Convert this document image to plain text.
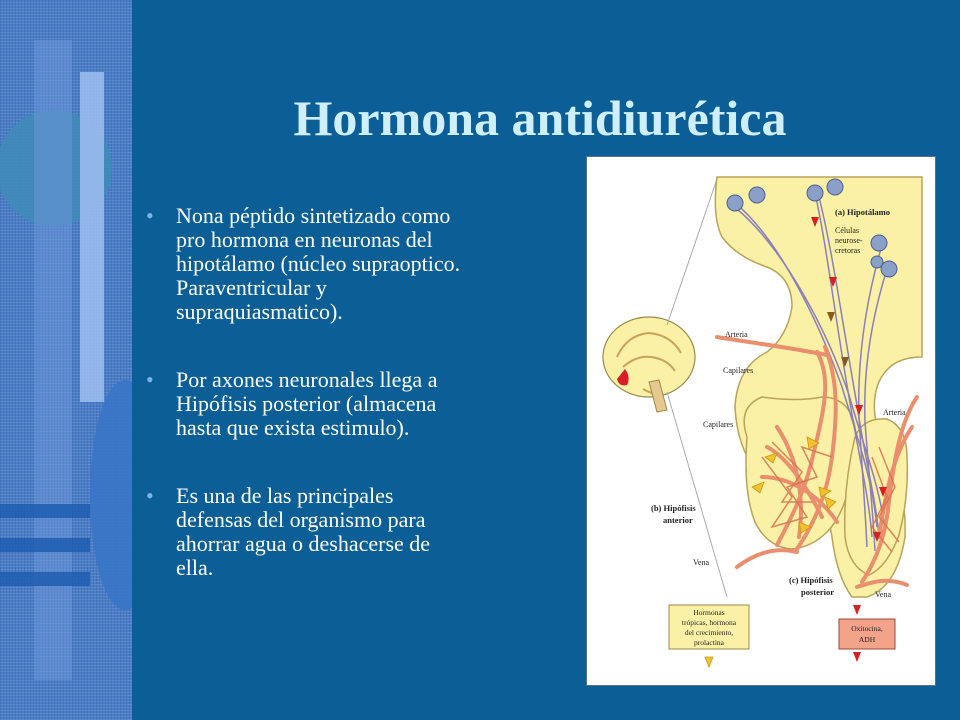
Hormona antidiurética
• Nona péptido sintetizado como
pro hormona en neuronas del
hipotálamo (núcleo supraoptico.
Paraventricular y
supraquiasmatico).
• Por axones neuronales llega a
Hipófisis posterior (almacena
hasta que exista estimulo).
• Es una de las principales
defensas del organismo para
ahorrar agua o deshacerse de
ella.
(a) Hipotálamo
Células
neurose-
cretoras
Arteria
Capilares
Capilares
Arteria
(b) Hipófisis
anterior
Vena
(c) Hipófisis
posterior	Vena
Hormonas
trópicas, hormona
del crecimiento,
prolactina
Oxitocina,
ADH
